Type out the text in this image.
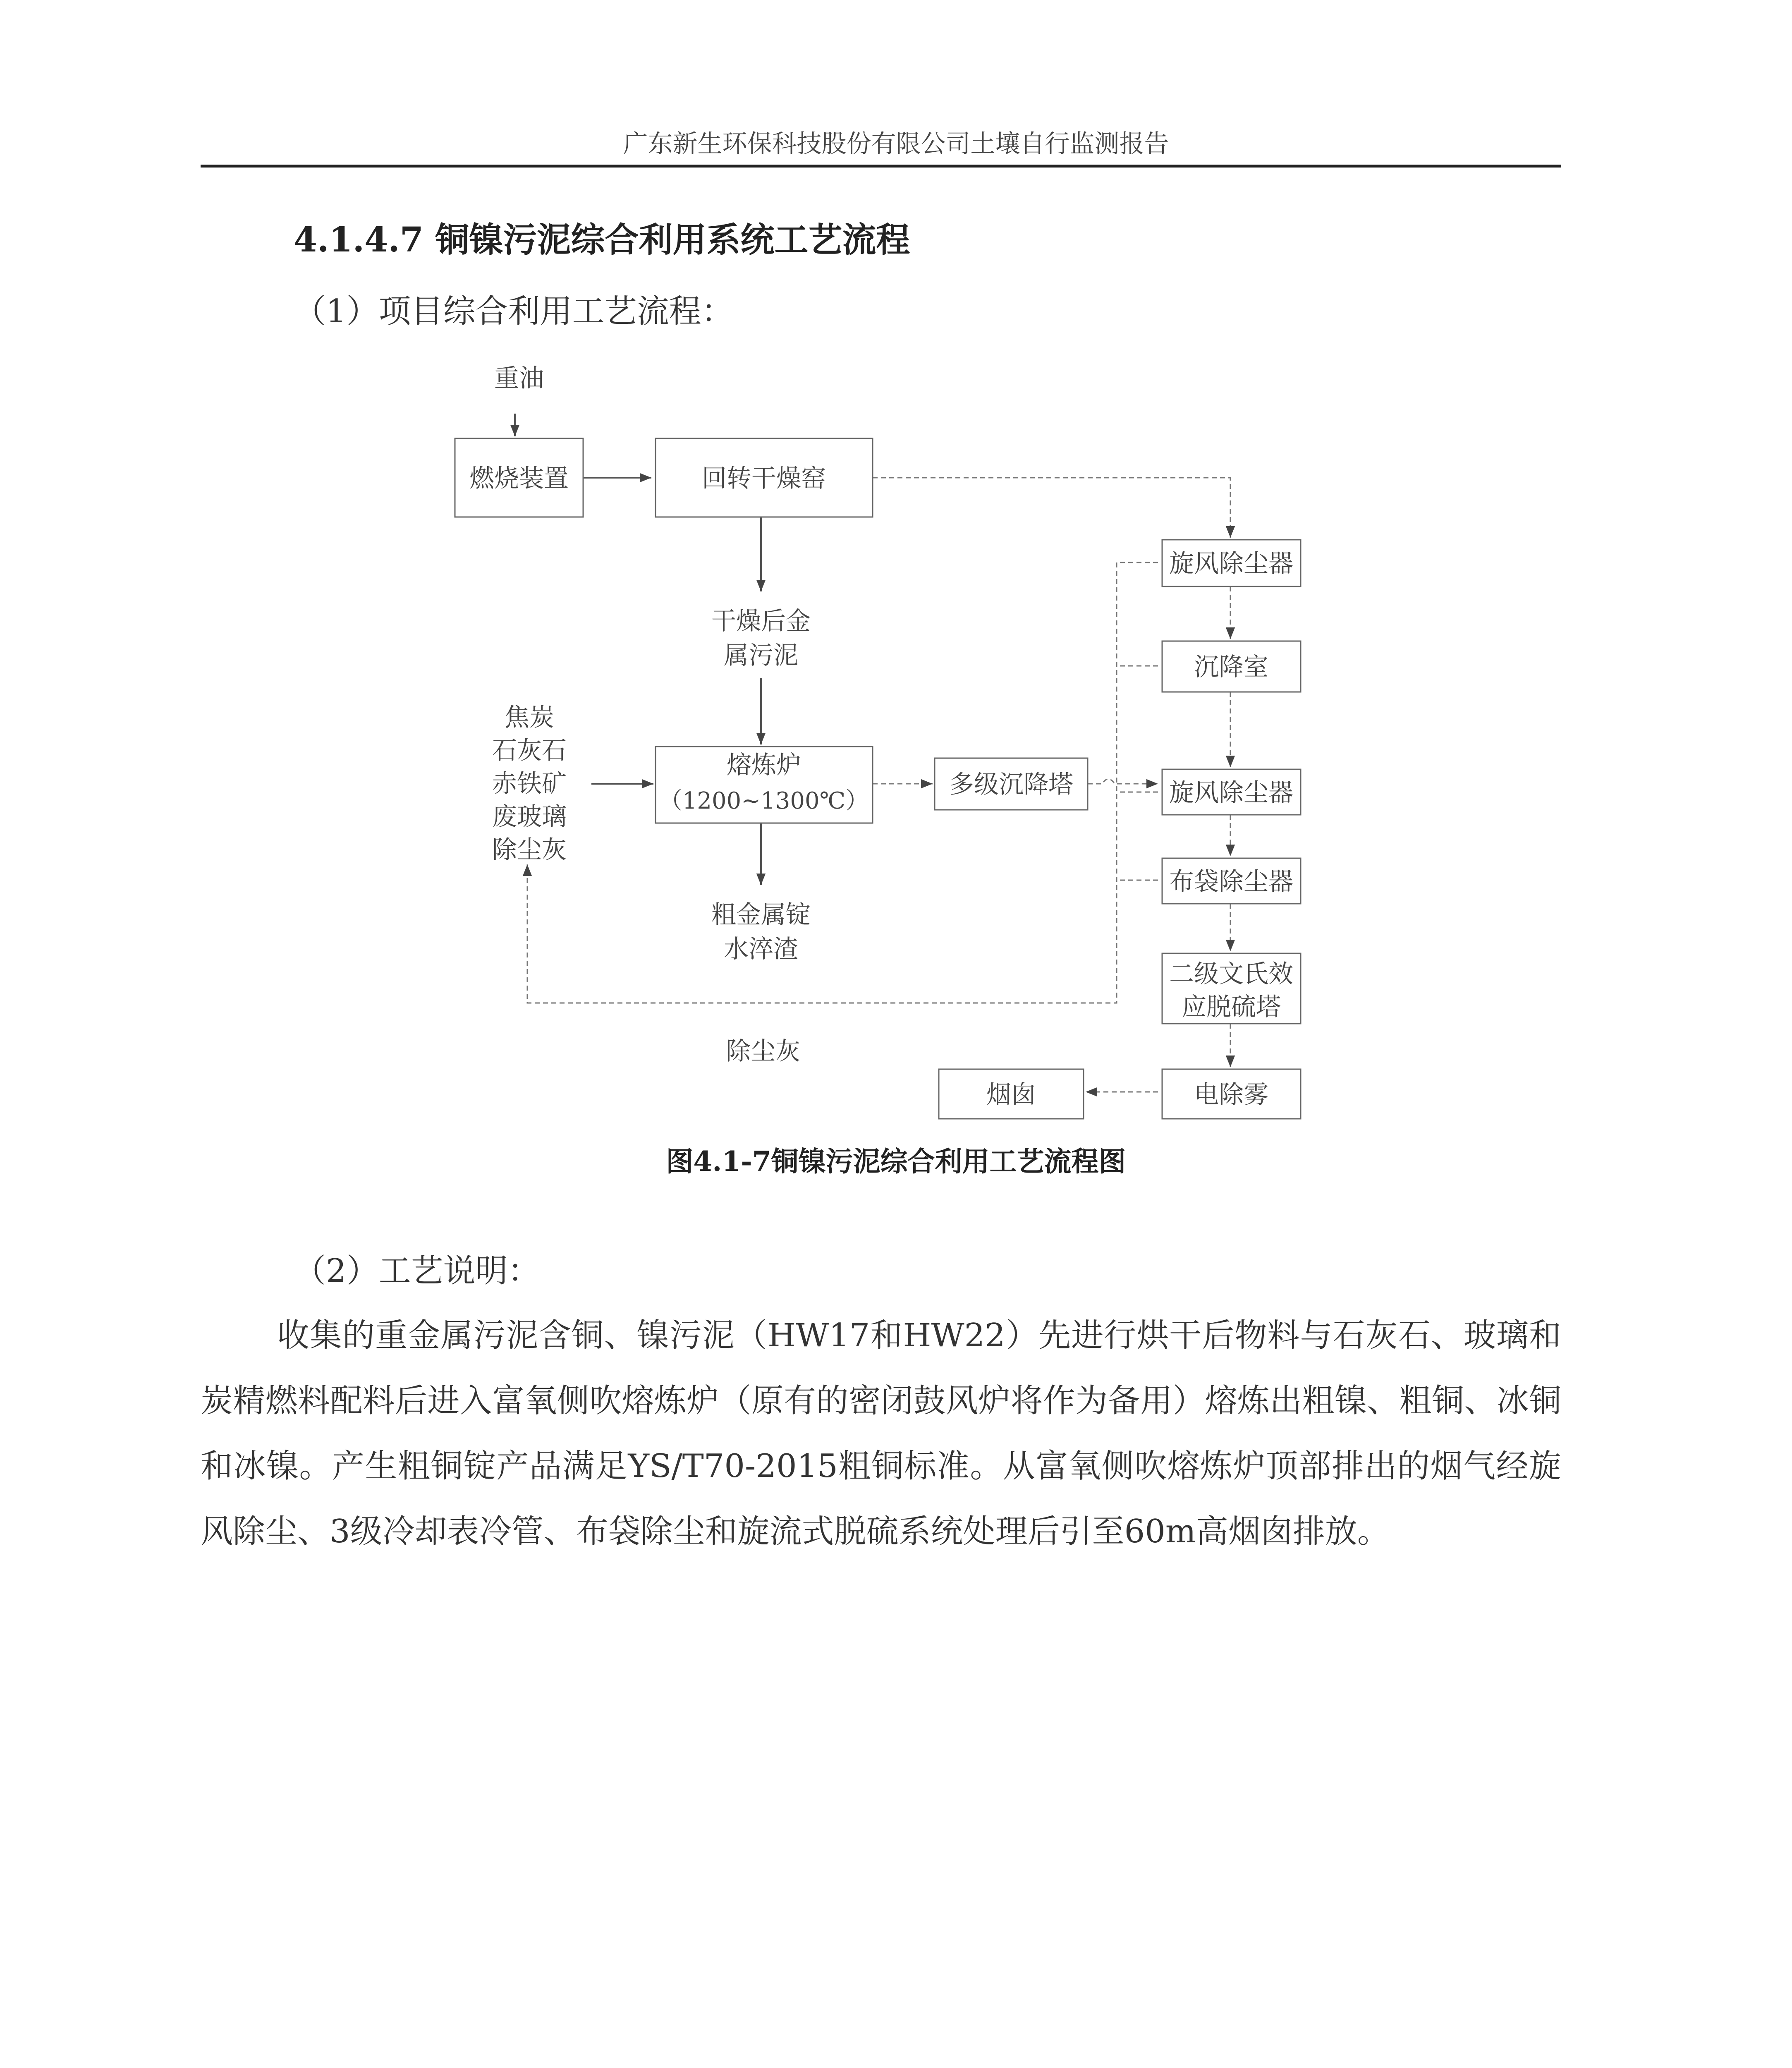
广东新生环保科技股份有限公司土壤自行监测报告
4.1.4.7 铜镍污泥综合利用系统工艺流程
（1）项目综合利用工艺流程：
重油
燃烧装置	回转干燥窑
干燥后金
属污泥
焦炭
石灰石
赤铁矿
废玻璃
除尘灰
熔炼炉
（1200~1300℃）
多级沉降塔
粗金属锭
水淬渣
旋风除尘器
沉降室
旋风除尘器
布袋除尘器
二级文氏效
应脱硫塔
电除雾
烟囱
除尘灰
图4.1-7铜镍污泥综合利用工艺流程图
（2）工艺说明：
收集的重金属污泥含铜、镍污泥（HW17和HW22）先进行烘干后物料与石灰石、玻璃和炭精燃料配料后进入富氧侧吹熔炼炉（原有的密闭鼓风炉将作为备用）熔炼出粗镍、粗铜、冰铜和冰镍。产生粗铜锭产品满足YS/T70-2015粗铜标准。从富氧侧吹熔炼炉顶部排出的烟气经旋风除尘、3级冷却表冷管、布袋除尘和旋流式脱硫系统处理后引至60m高烟囱排放。
